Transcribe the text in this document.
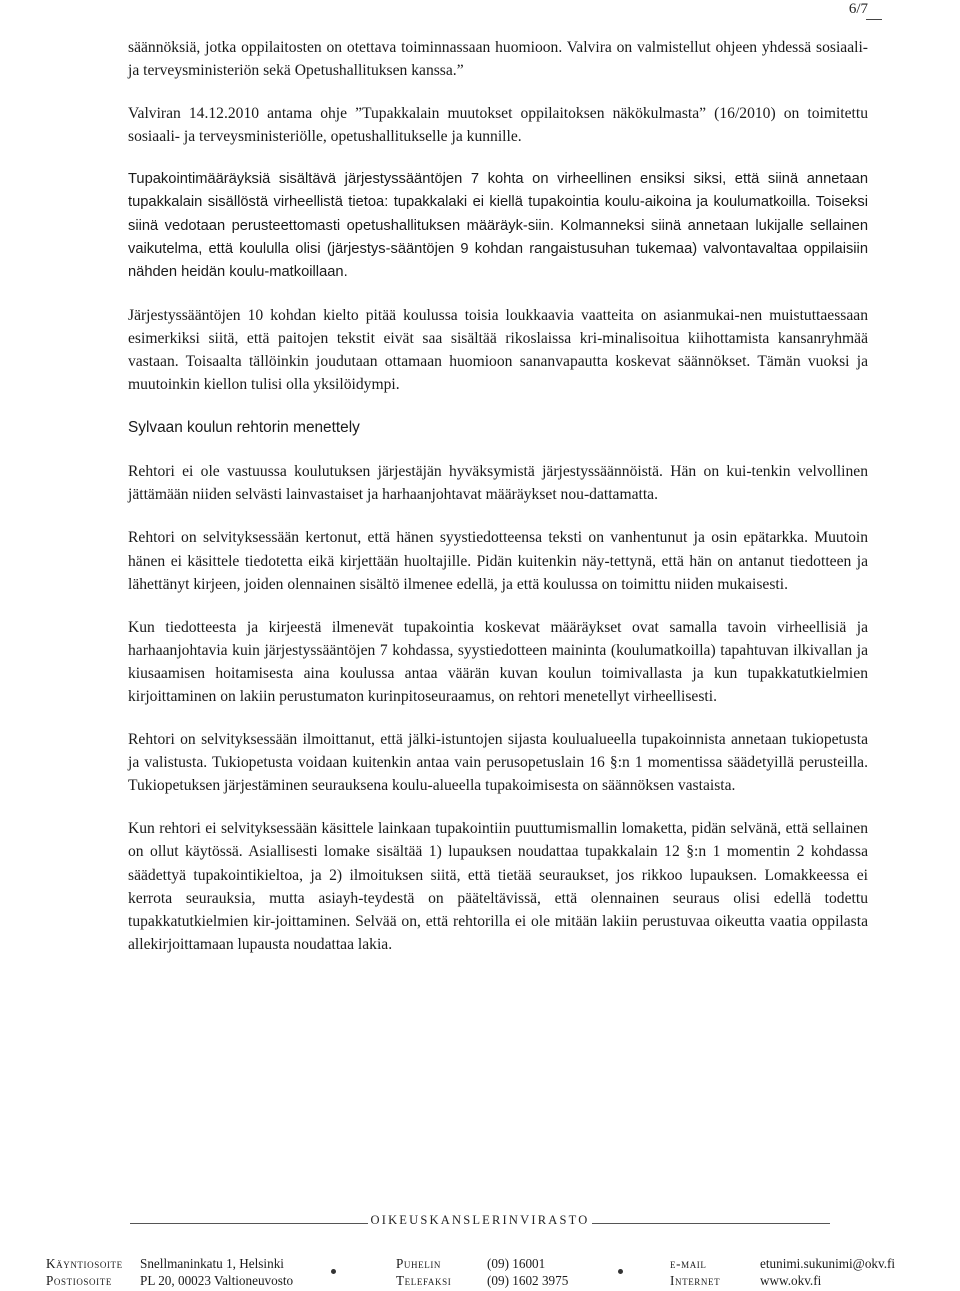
6/7

säännöksiä, jotka oppilaitosten on otettava toiminnassaan huomioon. Valvira on valmistellut ohjeen yhdessä sosiaali- ja terveysministeriön sekä Opetushallituksen kanssa.”

Valviran 14.12.2010 antama ohje ”Tupakkalain muutokset oppilaitoksen näkökulmasta” (16/2010) on toimitettu sosiaali- ja terveysministeriölle, opetushallitukselle ja kunnille.

Tupakointimääräyksiä sisältävä järjestyssääntöjen 7 kohta on virheellinen ensiksi siksi, että siinä annetaan tupakkalain sisällöstä virheellistä tietoa: tupakkalaki ei kiellä tupakointia koulu-aikoina ja koulumatkoilla. Toiseksi siinä vedotaan perusteettomasti opetushallituksen määräyk-siin. Kolmanneksi siinä annetaan lukijalle sellainen vaikutelma, että koululla olisi (järjestys-sääntöjen 9 kohdan rangaistusuhan tukemaa) valvontavaltaa oppilaisiin nähden heidän koulu-matkoillaan.

Järjestyssääntöjen 10 kohdan kielto pitää koulussa toisia loukkaavia vaatteita on asianmukai-nen muistuttaessaan esimerkiksi siitä, että paitojen tekstit eivät saa sisältää rikoslaissa kri-minalisoitua kiihottamista kansanryhmää vastaan. Toisaalta tällöinkin joudutaan ottamaan huomioon sananvapautta koskevat säännökset. Tämän vuoksi ja muutoinkin kiellon tulisi olla yksilöidympi.

Sylvaan koulun rehtorin menettely

Rehtori ei ole vastuussa koulutuksen järjestäjän hyväksymistä järjestyssäännöistä. Hän on kui-tenkin velvollinen jättämään niiden selvästi lainvastaiset ja harhaanjohtavat määräykset nou-dattamatta.

Rehtori on selvityksessään kertonut, että hänen syystiedotteensa teksti on vanhentunut ja osin epätarkka. Muutoin hänen ei käsittele tiedotetta eikä kirjettään huoltajille. Pidän kuitenkin näy-tettynä, että hän on antanut tiedotteen ja lähettänyt kirjeen, joiden olennainen sisältö ilmenee edellä, ja että koulussa on toimittu niiden mukaisesti.

Kun tiedotteesta ja kirjeestä ilmenevät tupakointia koskevat määräykset ovat samalla tavoin virheellisiä ja harhaanjohtavia kuin järjestyssääntöjen 7 kohdassa, syystiedotteen maininta (koulumatkoilla) tapahtuvan ilkivallan ja kiusaamisen hoitamisesta aina koulussa antaa väärän kuvan koulun toimivallasta ja kun tupakkatutkielmien kirjoittaminen on lakiin perustumaton kurinpitoseuraamus, on rehtori menetellyt virheellisesti.

Rehtori on selvityksessään ilmoittanut, että jälki-istuntojen sijasta koulualueella tupakoinnista annetaan tukiopetusta ja valistusta. Tukiopetusta voidaan kuitenkin antaa vain perusopetuslain 16 §:n 1 momentissa säädetyillä perusteilla. Tukiopetuksen järjestäminen seurauksena koulu-alueella tupakoimisesta on säännöksen vastaista.

Kun rehtori ei selvityksessään käsittele lainkaan tupakointiin puuttumismallin lomaketta, pidän selvänä, että sellainen on ollut käytössä. Asiallisesti lomake sisältää 1) lupauksen noudattaa tupakkalain 12 §:n 1 momentin 2 kohdassa säädettyä tupakointikieltoa, ja 2) ilmoituksen siitä, että tietää seuraukset, jos rikkoo lupauksen. Lomakkeessa ei kerrota seurauksia, mutta asiayh-teydestä on pääteltävissä, että olennainen seuraus olisi edellä todettu tupakkatutkielmien kir-joittaminen. Selvää on, että rehtorilla ei ole mitään lakiin perustuvaa oikeutta vaatia oppilasta allekirjoittamaan lupausta noudattaa lakia.

OIKEUSKANSLERINVIRASTO
Käyntiosoite Snellmaninkatu 1, Helsinki
Postiosoite PL 20, 00023 Valtioneuvosto
Puhelin	(09) 16001
Telefaksi	(09) 1602 3975
e-mail	etunimi.sukunimi@okv.fi
Internet	www.okv.fi
